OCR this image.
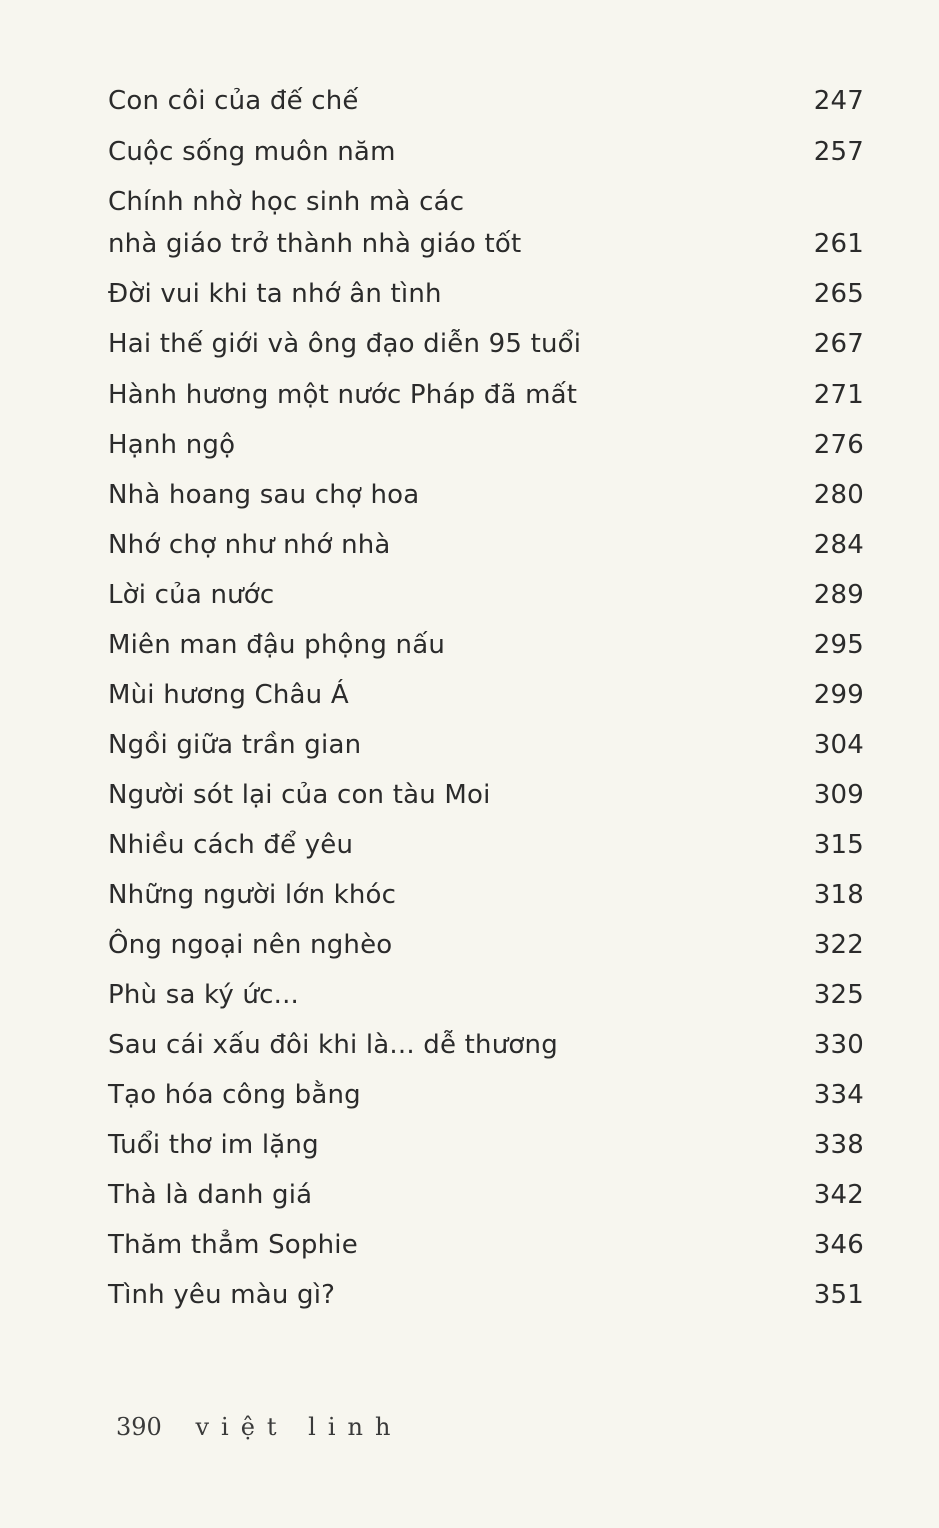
Con côi của đế chế	247
Cuộc sống muôn năm	257
Chính nhờ học sinh mà các
nhà giáo trở thành nhà giáo tốt	261
Đời vui khi ta nhớ ân tình	265
Hai thế giới và ông đạo diễn 95 tuổi	267
Hành hương một nước Pháp đã mất	271
Hạnh ngộ	276
Nhà hoang sau chợ hoa	280
Nhớ chợ như nhớ nhà	284
Lời của nước	289
Miên man đậu phộng nấu	295
Mùi hương Châu Á	299
Ngồi giữa trần gian	304
Người sót lại của con tàu Moi	309
Nhiều cách để yêu	315
Những người lớn khóc	318
Ông ngoại nên nghèo	322
Phù sa ký ức...	325
Sau cái xấu đôi khi là... dễ thương	330
Tạo hóa công bằng	334
Tuổi thơ im lặng	338
Thà là danh giá	342
Thăm thẳm Sophie	346
Tình yêu màu gì?	351
390 việt linh
